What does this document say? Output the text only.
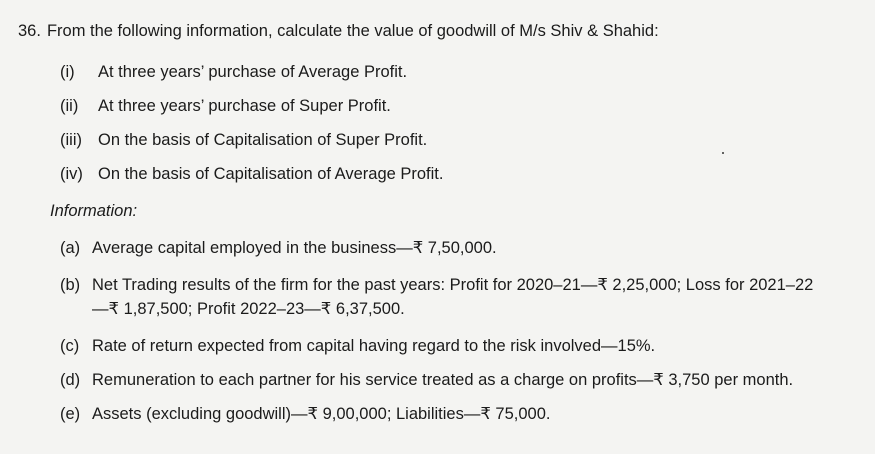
36. From the following information, calculate the value of goodwill of M/s Shiv & Shahid:
(i) At three years’ purchase of Average Profit.
(ii) At three years’ purchase of Super Profit.
(iii) On the basis of Capitalisation of Super Profit.
(iv) On the basis of Capitalisation of Average Profit.
Information:
(a) Average capital employed in the business—₹ 7,50,000.
(b) Net Trading results of the firm for the past years: Profit for 2020–21—₹ 2,25,000; Loss for 2021–22
—₹ 1,87,500; Profit 2022–23—₹ 6,37,500.
(c) Rate of return expected from capital having regard to the risk involved—15%.
(d) Remuneration to each partner for his service treated as a charge on profits—₹ 3,750 per month.
(e) Assets (excluding goodwill)—₹ 9,00,000; Liabilities—₹ 75,000.
